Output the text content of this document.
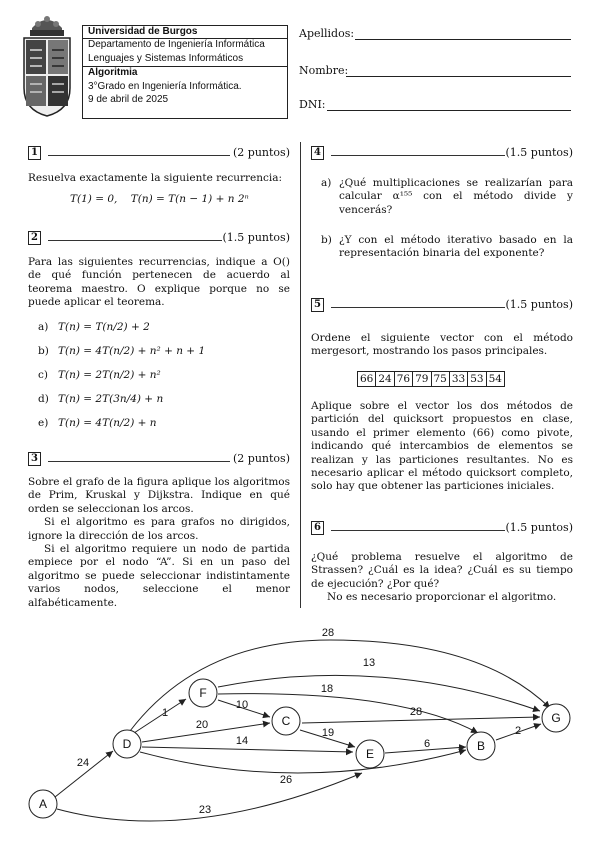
Universidad de Burgos
Departamento de Ingeniería Informática
Lenguajes y Sistemas Informáticos
Algoritmia
3°Grado en Ingeniería Informática.
9 de abril de 2025
Apellidos:
Nombre:
DNI:
1	(2 puntos)
Resuelva exactamente la siguiente recurrencia:
T(1) = 0,    T(n) = T(n − 1) + n 2ⁿ
2	(1.5 puntos)
Para las siguientes recurrencias, indique a O() de qué función pertenecen de acuerdo al teorema maestro. O explique porque no se puede aplicar el teorema.
a) T(n) = T(n/2) + 2
b) T(n) = 4T(n/2) + n² + n + 1
c) T(n) = 2T(n/2) + n²
d) T(n) = 2T(3n/4) + n
e) T(n) = 4T(n/2) + n
3	(2 puntos)

Sobre el grafo de la figura aplique los algoritmos de Prim, Kruskal y Dijkstra. Indique en qué orden se seleccionan los arcos.

Si el algoritmo es para grafos no dirigidos, ignore la dirección de los arcos.

Si el algoritmo requiere un nodo de partida empiece por el nodo “A”. Si en un paso del algoritmo se puede seleccionar indistintamente varios nodos, seleccione el menor alfabéticamente.

4	(1.5 puntos)
a) ¿Qué multiplicaciones se realizarían para calcular α¹⁵⁵ con el método divide y vencerás?
b) ¿Y con el método iterativo basado en la representación binaria del exponente?
5	(1.5 puntos)
Ordene el siguiente vector con el método mergesort, mostrando los pasos principales.
66	24	76	79	75	33	53	54
Aplique sobre el vector los dos métodos de partición del quicksort propuestos en clase, usando el primer elemento (66) como pivote, indicando qué intercambios de elementos se realizan y las particiones resultantes. No es necesario aplicar el método quicksort completo, solo hay que obtener las particiones iniciales.
6	(1.5 puntos)

¿Qué problema resuelve el algoritmo de Strassen? ¿Cuál es la idea? ¿Cuál es su tiempo de ejecución? ¿Por qué?

No es necesario proporcionar el algoritmo.

24
23
1
20
14
26
28
10
13
18
19
28
6
2
A
D
F
C
E
B
G
